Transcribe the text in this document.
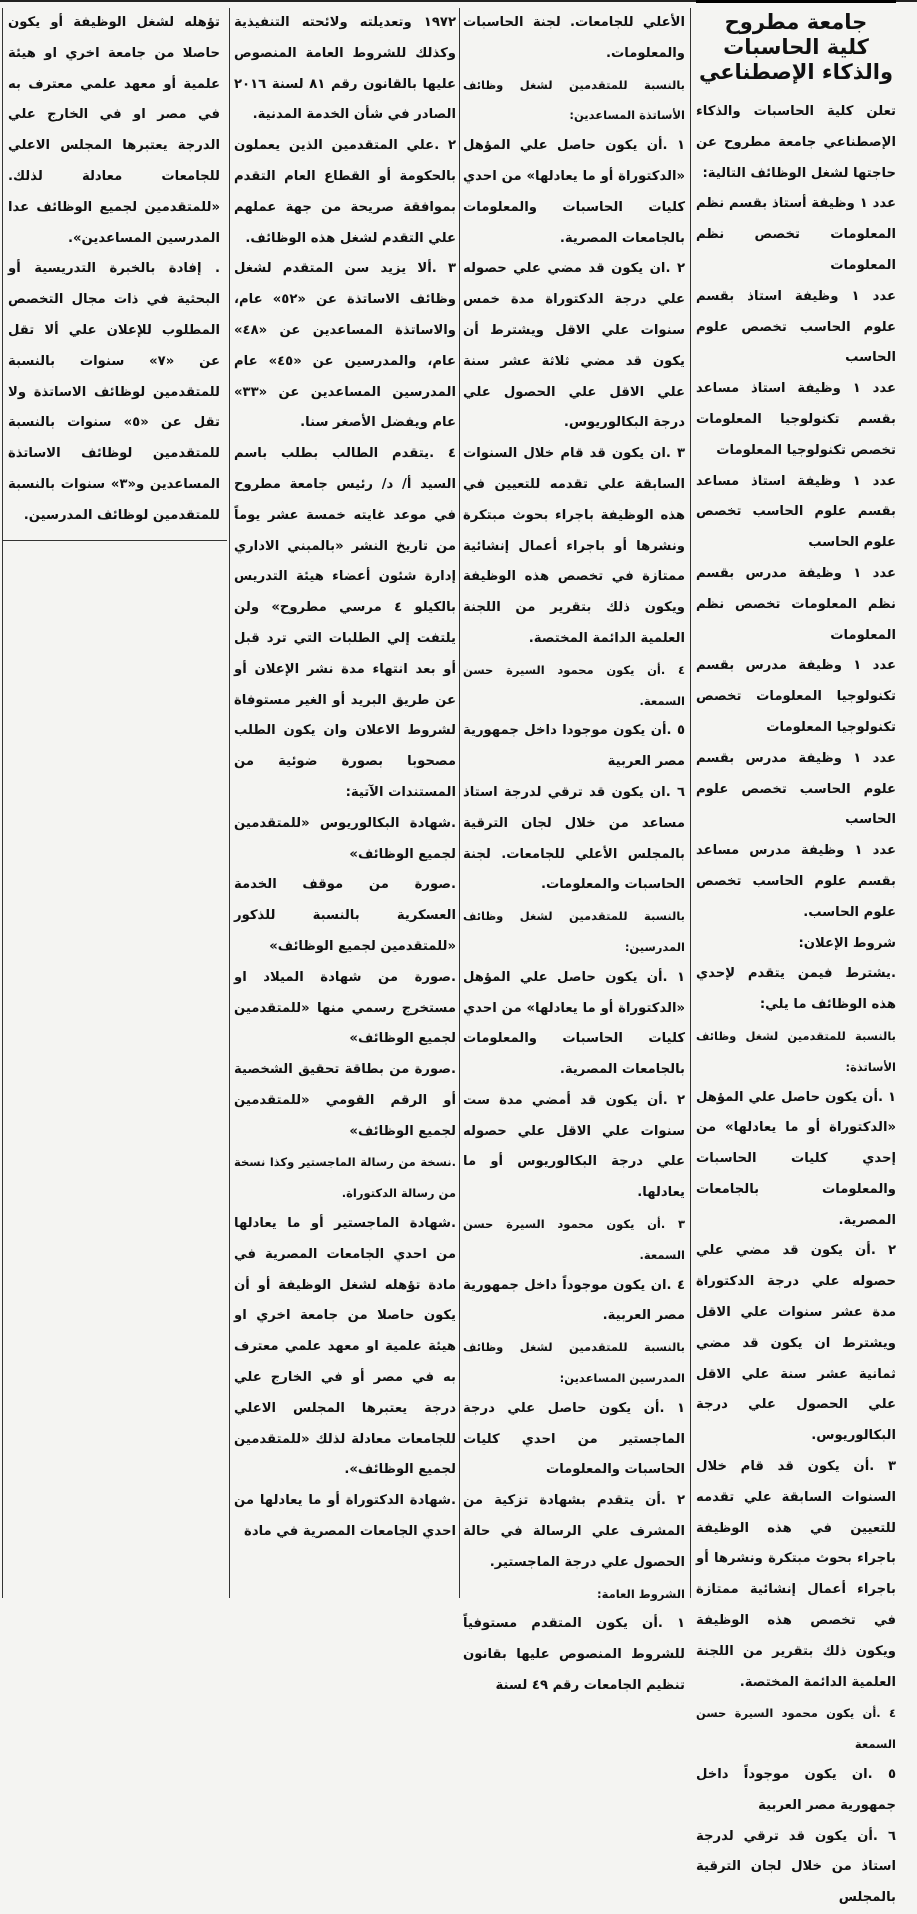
جامعة مطروح
كلية الحاسبات
والذكاء الإصطناعي

تعلن كلية الحاسبات والذكاء الإصطناعي جامعة مطروح عن حاجتها لشغل الوظائف التالية:

عدد ١ وظيفة أستاذ بقسم نظم المعلومات تخصص نظم المعلومات

عدد ١ وظيفة استاذ بقسم علوم الحاسب تخصص علوم الحاسب

عدد ١ وظيفة استاذ مساعد بقسم تكنولوجيا المعلومات تخصص تكنولوجيا المعلومات

عدد ١ وظيفة استاذ مساعد بقسم علوم الحاسب تخصص علوم الحاسب

عدد ١ وظيفة مدرس بقسم نظم المعلومات تخصص نظم المعلومات

عدد ١ وظيفة مدرس بقسم تكنولوجيا المعلومات تخصص تكنولوجيا المعلومات

عدد ١ وظيفة مدرس بقسم علوم الحاسب تخصص علوم الحاسب

عدد ١ وظيفة مدرس مساعد بقسم علوم الحاسب تخصص علوم الحاسب.

شروط الإعلان:

.يشترط فيمن يتقدم لإحدي هذه الوظائف ما يلي:

بالنسبة للمتقدمين لشغل وظائف الأساتذة:

١ .أن يكون حاصل علي المؤهل «الدكتوراة أو ما يعادلها» من إحدي كليات الحاسبات والمعلومات بالجامعات المصرية.

٢ .أن يكون قد مضي علي حصوله علي درجة الدكتوراة مدة عشر سنوات علي الاقل ويشترط ان يكون قد مضي ثمانية عشر سنة علي الاقل علي الحصول علي درجة البكالوريوس.

٣ .أن يكون قد قام خلال السنوات السابقة علي تقدمه للتعيين في هذه الوظيفة باجراء بحوث مبتكرة ونشرها أو باجراء أعمال إنشائية ممتازة في تخصص هذه الوظيفة ويكون ذلك بتقرير من اللجنة العلمية الدائمة المختصة.

٤ .أن يكون محمود السيرة حسن السمعة

٥ .ان يكون موجوداً داخل جمهورية مصر العربية

٦ .أن يكون قد ترقي لدرجة استاذ من خلال لجان الترقية بالمجلس

الأعلي للجامعات. لجنة الحاسبات والمعلومات.

بالنسبة للمتقدمين لشغل وظائف الأساتذة المساعدين:

١ .أن يكون حاصل علي المؤهل «الدكتوراة أو ما يعادلها» من احدي كليات الحاسبات والمعلومات بالجامعات المصرية.

٢ .ان يكون قد مضي علي حصوله علي درجة الدكتوراة مدة خمس سنوات علي الاقل ويشترط أن يكون قد مضي ثلاثة عشر سنة علي الاقل علي الحصول علي درجة البكالوريوس.

٣ .ان يكون قد قام خلال السنوات السابقة علي تقدمه للتعيين في هذه الوظيفة باجراء بحوث مبتكرة ونشرها أو باجراء أعمال إنشائية ممتازة في تخصص هذه الوظيفة ويكون ذلك بتقرير من اللجنة العلمية الدائمة المختصة.

٤ .أن يكون محمود السيرة حسن السمعة.

٥ .أن يكون موجودا داخل جمهورية مصر العربية

٦ .ان يكون قد ترقي لدرجة استاذ مساعد من خلال لجان الترقية بالمجلس الأعلي للجامعات. لجنة الحاسبات والمعلومات.

بالنسبة للمتقدمين لشغل وظائف المدرسين:

١ .أن يكون حاصل علي المؤهل «الدكتوراة أو ما يعادلها» من احدي كليات الحاسبات والمعلومات بالجامعات المصرية.

٢ .أن يكون قد أمضي مدة ست سنوات علي الاقل علي حصوله علي درجة البكالوريوس أو ما يعادلها.

٣ .أن يكون محمود السيرة حسن السمعة.

٤ .ان يكون موجوداً داخل جمهورية مصر العربية.

بالنسبة للمتقدمين لشغل وظائف المدرسين المساعدين:

١ .أن يكون حاصل علي درجة الماجستير من احدي كليات الحاسبات والمعلومات

٢ .أن يتقدم بشهادة تزكية من المشرف علي الرسالة في حالة الحصول علي درجة الماجستير.

الشروط العامة:

١ .أن يكون المتقدم مستوفياً للشروط المنصوص عليها بقانون تنظيم الجامعات رقم ٤٩ لسنة

١٩٧٢ وتعديلته ولائحته التنفيذية وكذلك للشروط العامة المنصوص عليها بالقانون رقم ٨١ لسنة ٢٠١٦ الصادر في شأن الخدمة المدنية.

٢ .علي المتقدمين الذين يعملون بالحكومة أو القطاع العام التقدم بموافقة صريحة من جهة عملهم علي التقدم لشغل هذه الوظائف.

٣ .ألا يزيد سن المتقدم لشغل وظائف الاساتذة عن «٥٢» عام، والاساتذة المساعدين عن «٤٨» عام، والمدرسين عن «٤٥» عام المدرسين المساعدين عن «٣٣» عام ويفضل الأصغر سنا.

٤ .يتقدم الطالب بطلب باسم السيد أ/ د/ رئيس جامعة مطروح في موعد غايته خمسة عشر يوماً من تاريخ النشر «بالمبني الاداري إدارة شئون أعضاء هيئة التدريس بالكيلو ٤ مرسي مطروح» ولن يلتفت إلي الطلبات التي ترد قبل أو بعد انتهاء مدة نشر الإعلان أو عن طريق البريد أو الغير مستوفاة لشروط الاعلان وان يكون الطلب مصحوبا بصورة ضوئية من المستندات الآتية:

.شهادة البكالوريوس «للمتقدمين لجميع الوظائف»

.صورة من موقف الخدمة العسكرية بالنسبة للذكور «للمتقدمين لجميع الوظائف»

.صورة من شهادة الميلاد او مستخرج رسمي منها «للمتقدمين لجميع الوظائف»

.صورة من بطاقة تحقيق الشخصية أو الرقم القومي «للمتقدمين لجميع الوظائف»

.نسخة من رسالة الماجستير وكذا نسخة من رسالة الدكتوراة.

.شهادة الماجستير أو ما يعادلها من احدي الجامعات المصرية في مادة تؤهله لشغل الوظيفة أو أن يكون حاصلا من جامعة اخري او هيئة علمية او معهد علمي معترف به في مصر أو في الخارج علي درجة يعتبرها المجلس الاعلي للجامعات معادلة لذلك «للمتقدمين لجميع الوظائف».

.شهادة الدكتوراة أو ما يعادلها من احدي الجامعات المصرية في مادة

تؤهله لشغل الوظيفة أو يكون حاصلا من جامعة اخري او هيئة علمية أو معهد علمي معترف به في مصر او في الخارج علي الدرجة يعتبرها المجلس الاعلي للجامعات معادلة لذلك. «للمتقدمين لجميع الوظائف عدا المدرسين المساعدين».

. إفادة بالخبرة التدريسية أو البحثية في ذات مجال التخصص المطلوب للإعلان علي ألا تقل عن «٧» سنوات بالنسبة للمتقدمين لوظائف الاساتذة ولا تقل عن «٥» سنوات بالنسبة للمتقدمين لوظائف الاساتذة المساعدين و«٣» سنوات بالنسبة للمتقدمين لوظائف المدرسين.
